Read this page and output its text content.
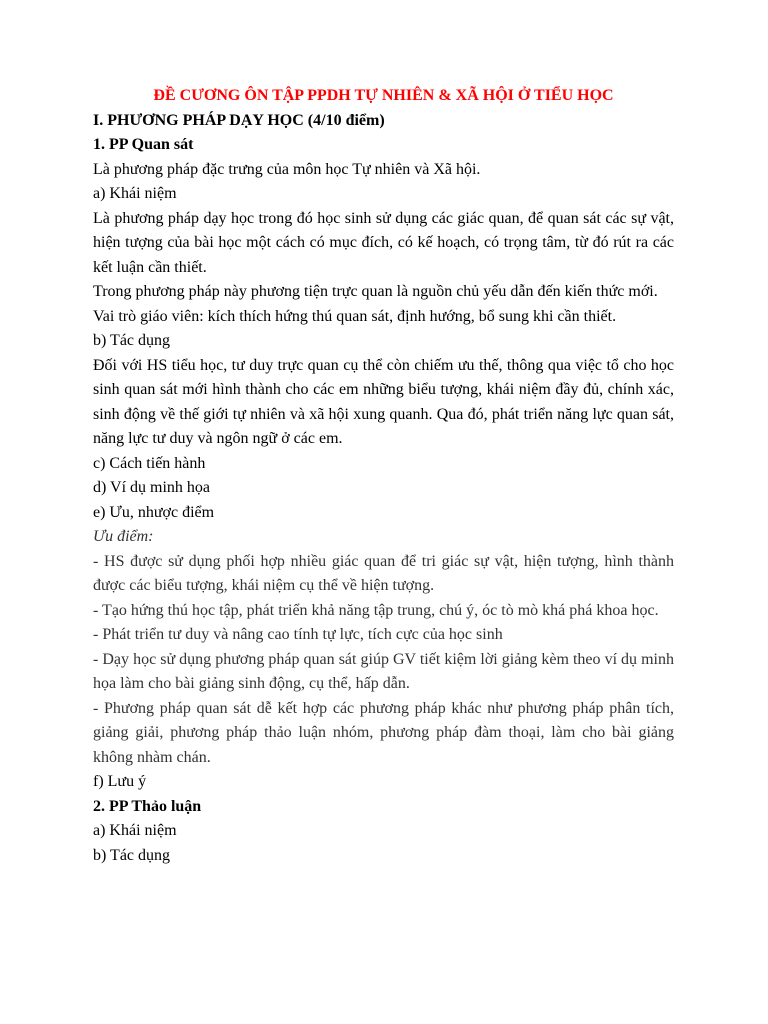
ĐỀ CƯƠNG ÔN TẬP PPDH TỰ NHIÊN & XÃ HỘI Ở TIỂU HỌC

I. PHƯƠNG PHÁP DẠY HỌC (4/10 điểm)

1. PP Quan sát

Là phương pháp đặc trưng của môn học Tự nhiên và Xã hội.

a) Khái niệm

Là phương pháp dạy học trong đó học sinh sử dụng các giác quan, để quan sát các sự vật, hiện tượng của bài học một cách có mục đích, có kế hoạch, có trọng tâm, từ đó rút ra các kết luận cần thiết.

Trong phương pháp này phương tiện trực quan là nguồn chủ yếu dẫn đến kiến thức mới.

Vai trò giáo viên: kích thích hứng thú quan sát, định hướng, bổ sung khi cần thiết.

b) Tác dụng

Đối với HS tiểu học, tư duy trực quan cụ thể còn chiếm ưu thế, thông qua việc tổ cho học sinh quan sát mới hình thành cho các em những biểu tượng, khái niệm đầy đủ, chính xác, sinh động về thế giới tự nhiên và xã hội xung quanh. Qua đó, phát triển năng lực quan sát, năng lực tư duy và ngôn ngữ ở các em.

c) Cách tiến hành

d) Ví dụ minh họa

e) Ưu, nhược điểm

Ưu điểm:

- HS được sử dụng phối hợp nhiều giác quan để tri giác sự vật, hiện tượng, hình thành được các biểu tượng, khái niệm cụ thể về hiện tượng.

- Tạo hứng thú học tập, phát triển khả năng tập trung, chú ý, óc tò mò khá phá khoa học.

- Phát triển tư duy và nâng cao tính tự lực, tích cực của học sinh

- Dạy học sử dụng phương pháp quan sát giúp GV tiết kiệm lời giảng kèm theo ví dụ minh họa làm cho bài giảng sinh động, cụ thể, hấp dẫn.

- Phương pháp quan sát dễ kết hợp các phương pháp khác như phương pháp phân tích, giảng giải, phương pháp thảo luận nhóm, phương pháp đàm thoại, làm cho bài giảng không nhàm chán.

f) Lưu ý

2. PP Thảo luận

a) Khái niệm

b) Tác dụng
